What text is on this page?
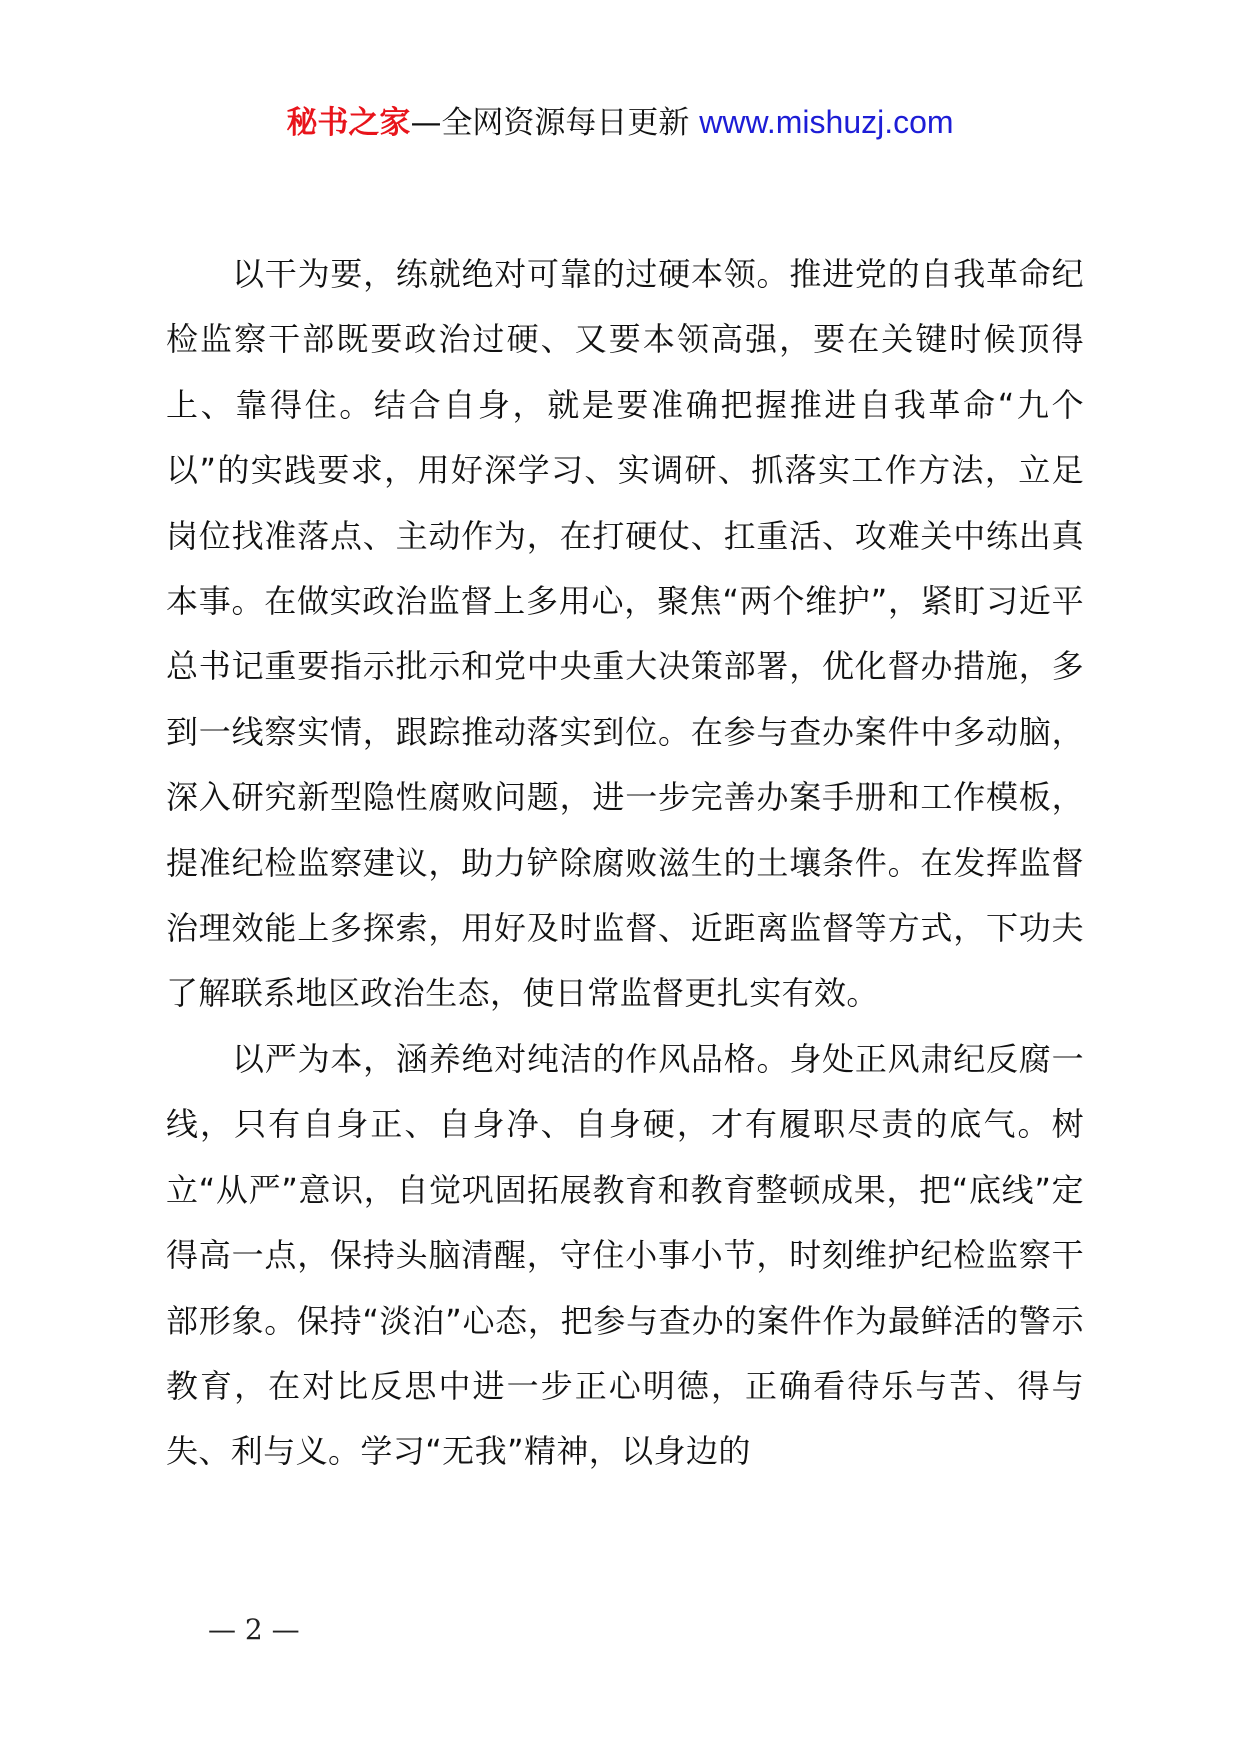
秘书之家—全网资源每日更新 www.mishuzj.com

以干为要，练就绝对可靠的过硬本领。推进党的自我革命纪检监察干部既要政治过硬、又要本领高强，要在关键时候顶得上、靠得住。结合自身，就是要准确把握推进自我革命“九个以”的实践要求，用好深学习、实调研、抓落实工作方法，立足岗位找准落点、主动作为，在打硬仗、扛重活、攻难关中练出真本事。在做实政治监督上多用心，聚焦“两个维护”，紧盯习近平总书记重要指示批示和党中央重大决策部署，优化督办措施，多到一线察实情，跟踪推动落实到位。在参与查办案件中多动脑，深入研究新型隐性腐败问题，进一步完善办案手册和工作模板，提准纪检监察建议，助力铲除腐败滋生的土壤条件。在发挥监督治理效能上多探索，用好及时监督、近距离监督等方式，下功夫了解联系地区政治生态，使日常监督更扎实有效。

以严为本，涵养绝对纯洁的作风品格。身处正风肃纪反腐一线，只有自身正、自身净、自身硬，才有履职尽责的底气。树立“从严”意识，自觉巩固拓展教育和教育整顿成果，把“底线”定得高一点，保持头脑清醒，守住小事小节，时刻维护纪检监察干部形象。保持“淡泊”心态，把参与查办的案件作为最鲜活的警示教育，在对比反思中进一步正心明德，正确看待乐与苦、得与失、利与义。学习“无我”精神，以身边的

— 2 —
